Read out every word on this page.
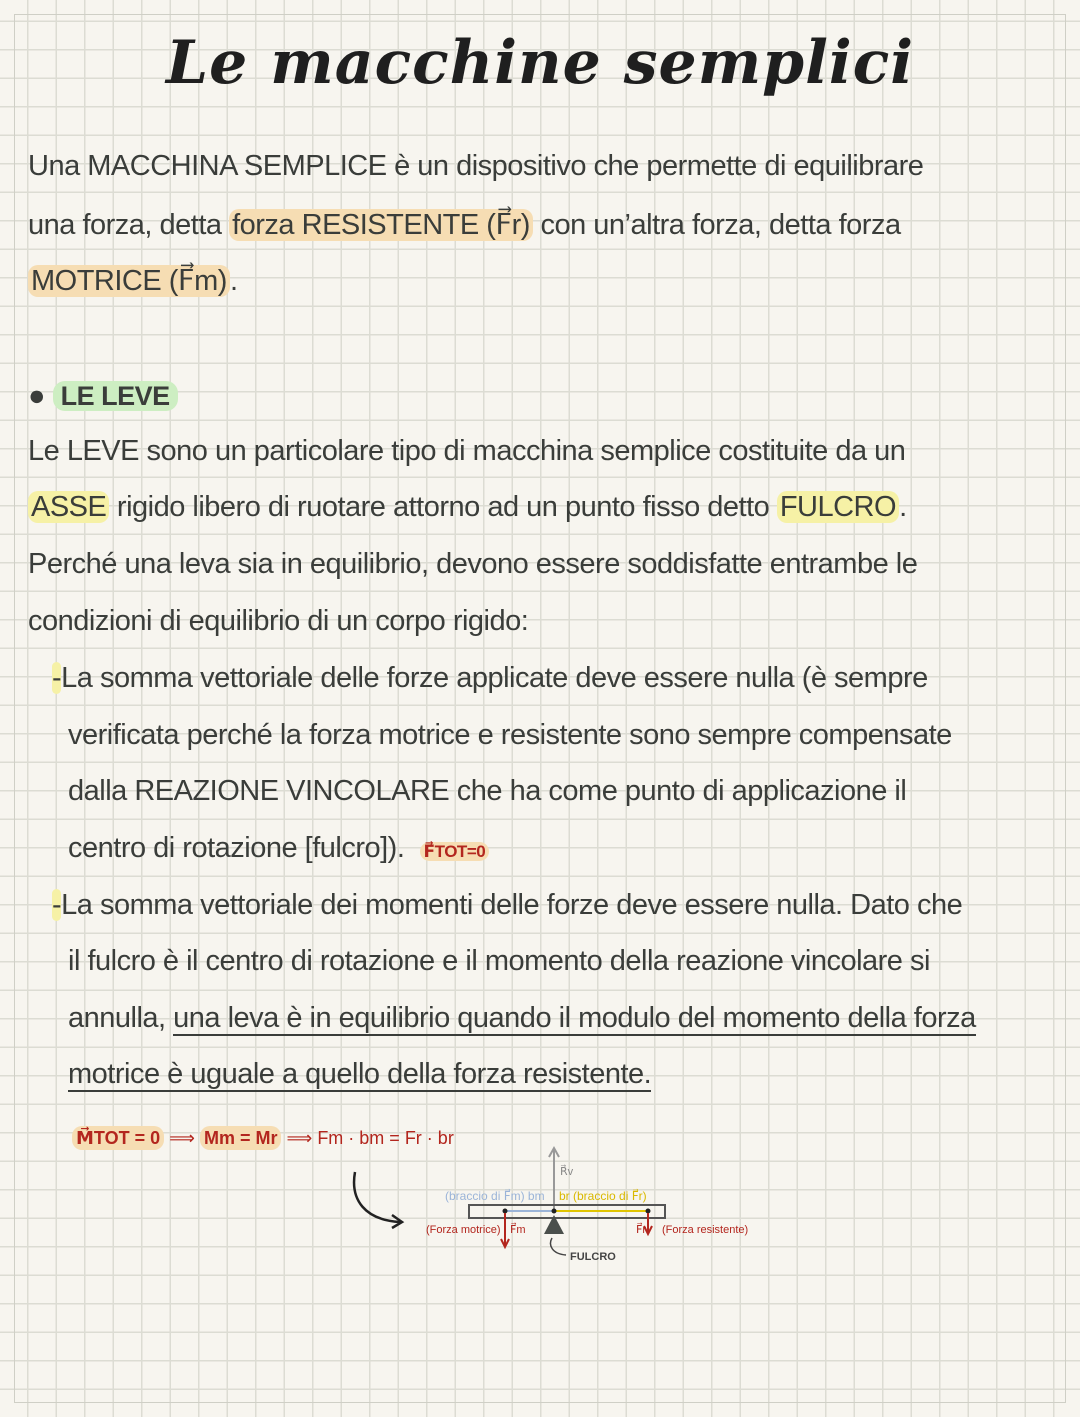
Le macchine semplici
Una MACCHINA SEMPLICE è un dispositivo che permette di equilibrare
una forza, detta forza RESISTENTE (F⃗r) con un’altra forza, detta forza
MOTRICE (F⃗m) .
● LE LEVE
Le LEVE sono un particolare tipo di macchina semplice costituite da un
ASSE rigido libero di ruotare attorno ad un punto fisso detto FULCRO .
Perché una leva sia in equilibrio, devono essere soddisfatte entrambe le
condizioni di equilibrio di un corpo rigido:
-La somma vettoriale delle forze applicate deve essere nulla (è sempre
verificata perché la forza motrice e resistente sono sempre compensate
dalla REAZIONE VINCOLARE che ha come punto di applicazione il
centro di rotazione [fulcro]). F⃗TOT=0
-La somma vettoriale dei momenti delle forze deve essere nulla. Dato che
il fulcro è il centro di rotazione e il momento della reazione vincolare si
annulla, una leva è in equilibrio quando il modulo del momento della forza
motrice è uguale a quello della forza resistente.
M⃗TOT = 0 ⟹ Mm = Mr ⟹ Fm · bm = Fr · br
R⃗v
(braccio di F⃗m) bm br (braccio di F⃗r)
(Forza motrice) F⃗m	F⃗r (Forza resistente)
FULCRO
